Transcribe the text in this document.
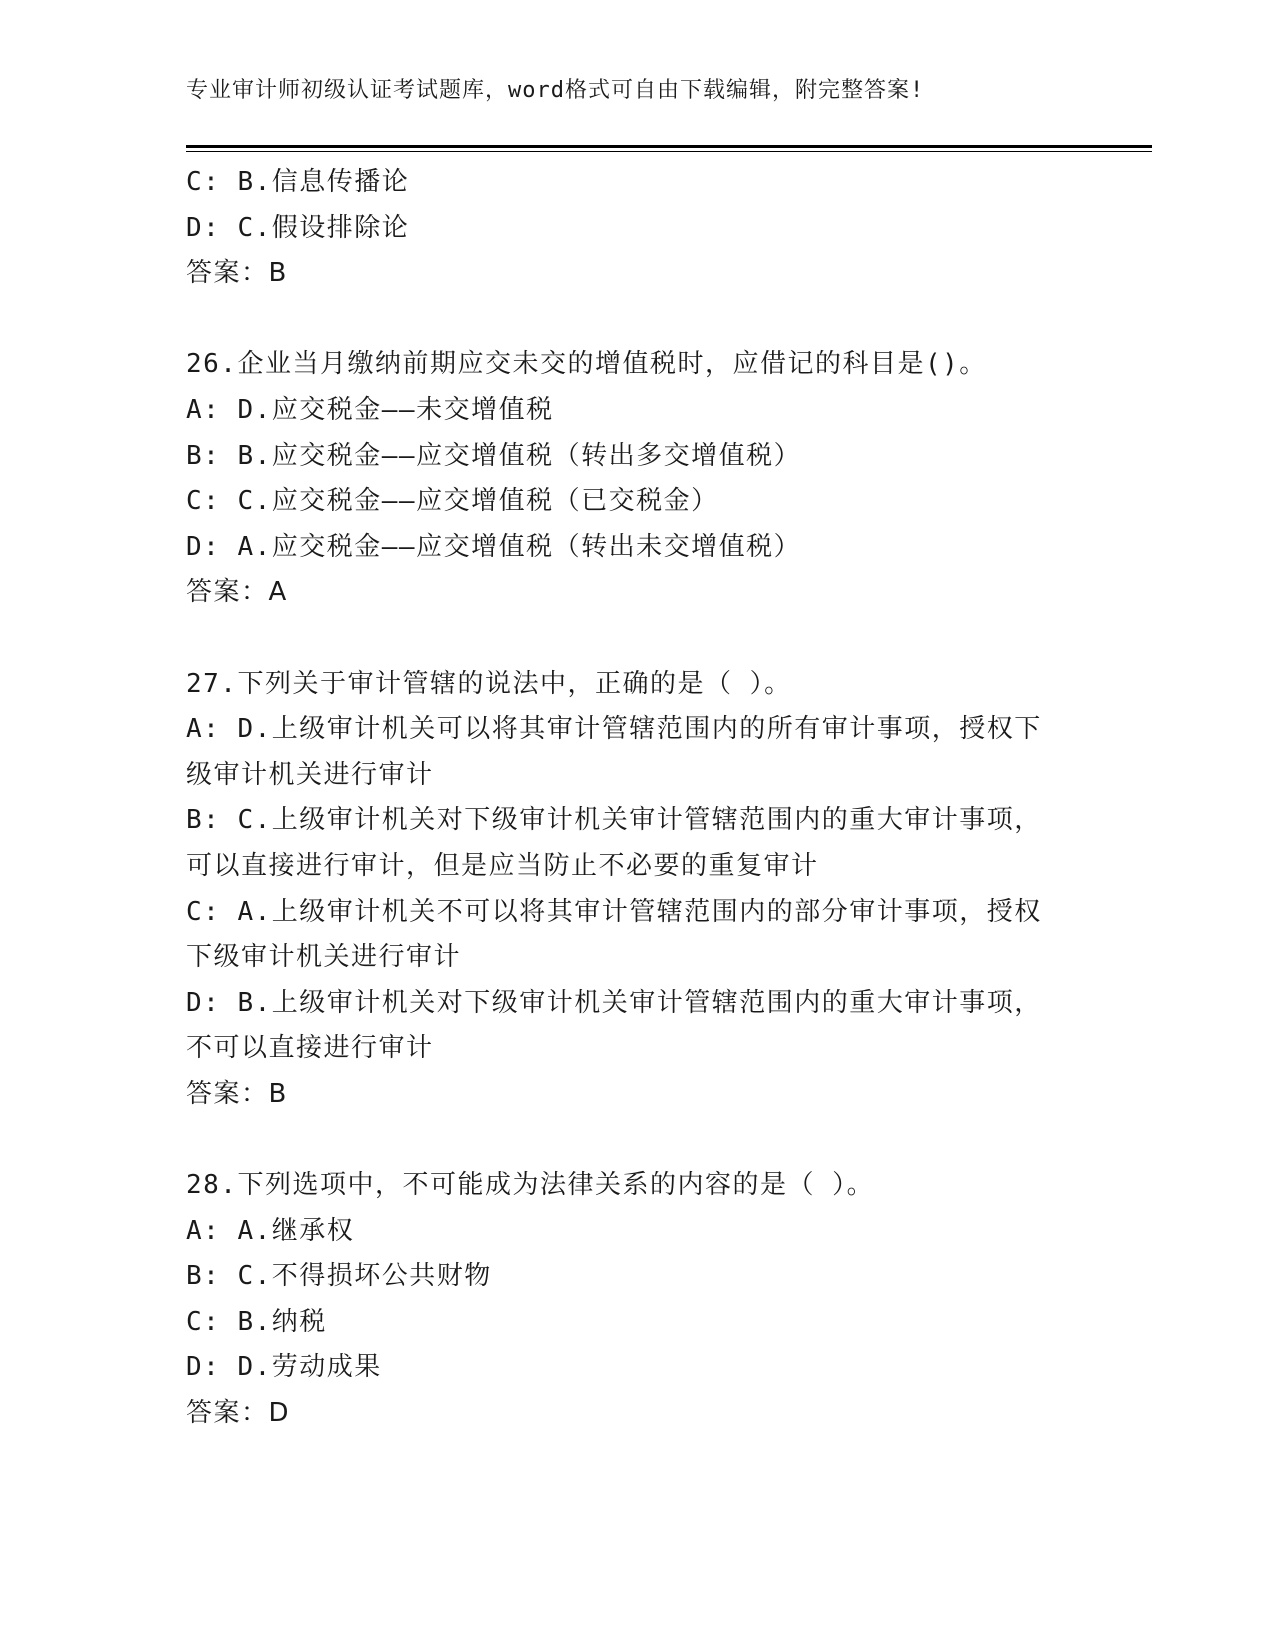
专业审计师初级认证考试题库，word格式可自由下载编辑，附完整答案!
C: B.信息传播论
D: C.假设排除论
答案：B
26.企业当月缴纳前期应交未交的增值税时，应借记的科目是()。
A: D.应交税金——未交增值税
B: B.应交税金——应交增值税（转出多交增值税）
C: C.应交税金——应交增值税（已交税金）
D: A.应交税金——应交增值税（转出未交增值税）
答案：A
27.下列关于审计管辖的说法中，正确的是（ ）。
A: D.上级审计机关可以将其审计管辖范围内的所有审计事项，授权下
级审计机关进行审计
B: C.上级审计机关对下级审计机关审计管辖范围内的重大审计事项，
可以直接进行审计，但是应当防止不必要的重复审计
C: A.上级审计机关不可以将其审计管辖范围内的部分审计事项，授权
下级审计机关进行审计
D: B.上级审计机关对下级审计机关审计管辖范围内的重大审计事项，
不可以直接进行审计
答案：B
28.下列选项中，不可能成为法律关系的内容的是（ ）。
A: A.继承权
B: C.不得损坏公共财物
C: B.纳税
D: D.劳动成果
答案：D
